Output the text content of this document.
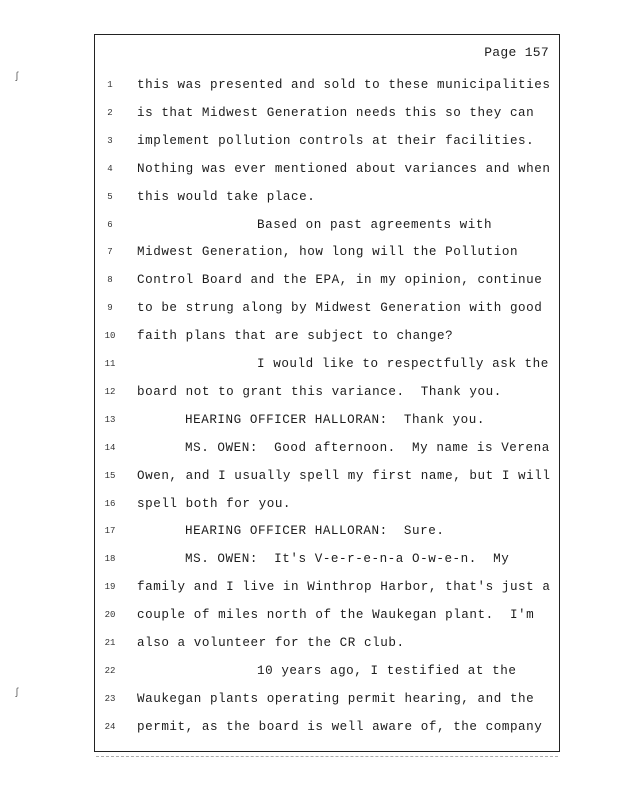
Page 157
1	this was presented and sold to these municipalities
2	is that Midwest Generation needs this so they can
3	implement pollution controls at their facilities.
4	Nothing was ever mentioned about variances and when
5	this would take place.
6	Based on past agreements with
7	Midwest Generation, how long will the Pollution
8	Control Board and the EPA, in my opinion, continue
9	to be strung along by Midwest Generation with good
10	faith plans that are subject to change?
11	I would like to respectfully ask the
12	board not to grant this variance.  Thank you.
13	HEARING OFFICER HALLORAN:  Thank you.
14	MS. OWEN:  Good afternoon.  My name is Verena
15	Owen, and I usually spell my first name, but I will
16	spell both for you.
17	HEARING OFFICER HALLORAN:  Sure.
18	MS. OWEN:  It's V-e-r-e-n-a O-w-e-n.  My
19	family and I live in Winthrop Harbor, that's just a
20	couple of miles north of the Waukegan plant.  I'm
21	also a volunteer for the CR club.
22	10 years ago, I testified at the
23	Waukegan plants operating permit hearing, and the
24	permit, as the board is well aware of, the company
ʃ
ʃ
